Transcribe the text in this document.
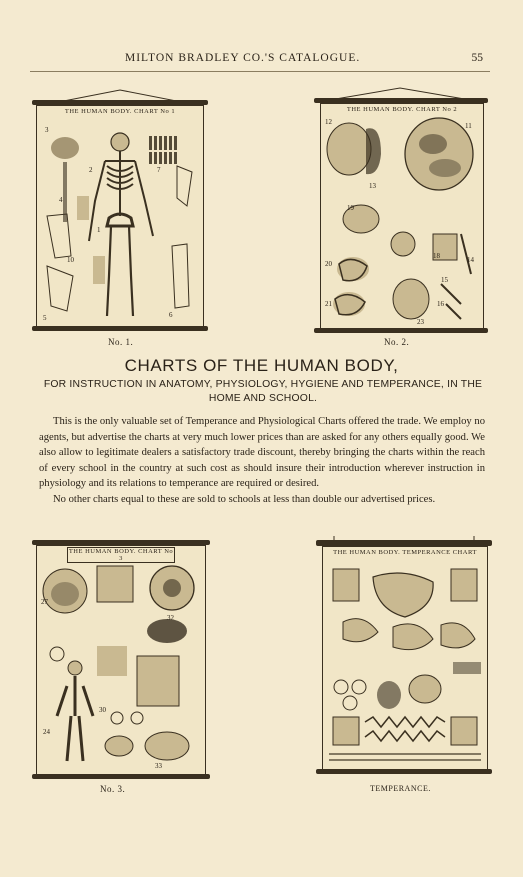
MILTON BRADLEY CO.'S CATALOGUE.	55
THE HUMAN BODY. CHART No 1
3
2
4
1
10
5	6
7
No. 1.
THE HUMAN BODY. CHART No 2
12	11
13
19
20
21
18	14
15
16
23
No. 2.
CHARTS OF THE HUMAN BODY,
FOR INSTRUCTION IN ANATOMY, PHYSIOLOGY, HYGIENE AND TEMPERANCE, IN THE HOME AND SCHOOL.

This is the only valuable set of Temperance and Physiological Charts offered the trade. We employ no agents, but advertise the charts at very much lower prices than are asked for any others equally good. We also allow to legitimate dealers a satisfactory trade discount, thereby bringing the charts within the reach of every school in the country at such cost as should insure their introduction wherever instruction in physiology and its relations to temperance are required or desired.

No other charts equal to these are sold to schools at less than double our advertised prices.

THE HUMAN BODY. CHART No 3
27
32
24
30
33
No. 3.
THE HUMAN BODY. TEMPERANCE CHART
TEMPERANCE.
